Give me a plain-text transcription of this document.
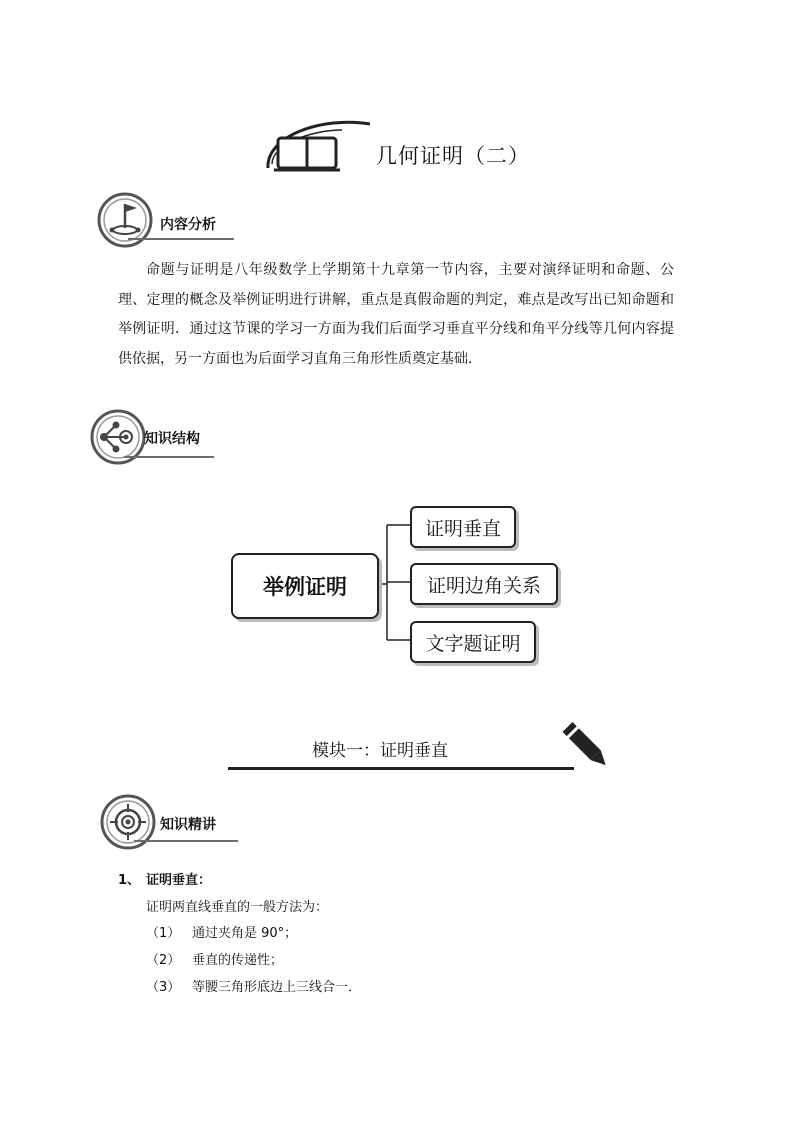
几何证明（二）
内容分析
命题与证明是八年级数学上学期第十九章第一节内容，主要对演绎证明和命题、公理、定理的概念及举例证明进行讲解，重点是真假命题的判定，难点是改写出已知命题和举例证明．通过这节课的学习一方面为我们后面学习垂直平分线和角平分线等几何内容提供依据，另一方面也为后面学习直角三角形性质奠定基础．
知识结构
举例证明
证明垂直
证明边角关系
文字题证明
模块一：证明垂直
知识精讲
1、 证明垂直：
证明两直线垂直的一般方法为：
（1） 通过夹角是 90°；
（2） 垂直的传递性；
（3） 等腰三角形底边上三线合一．
